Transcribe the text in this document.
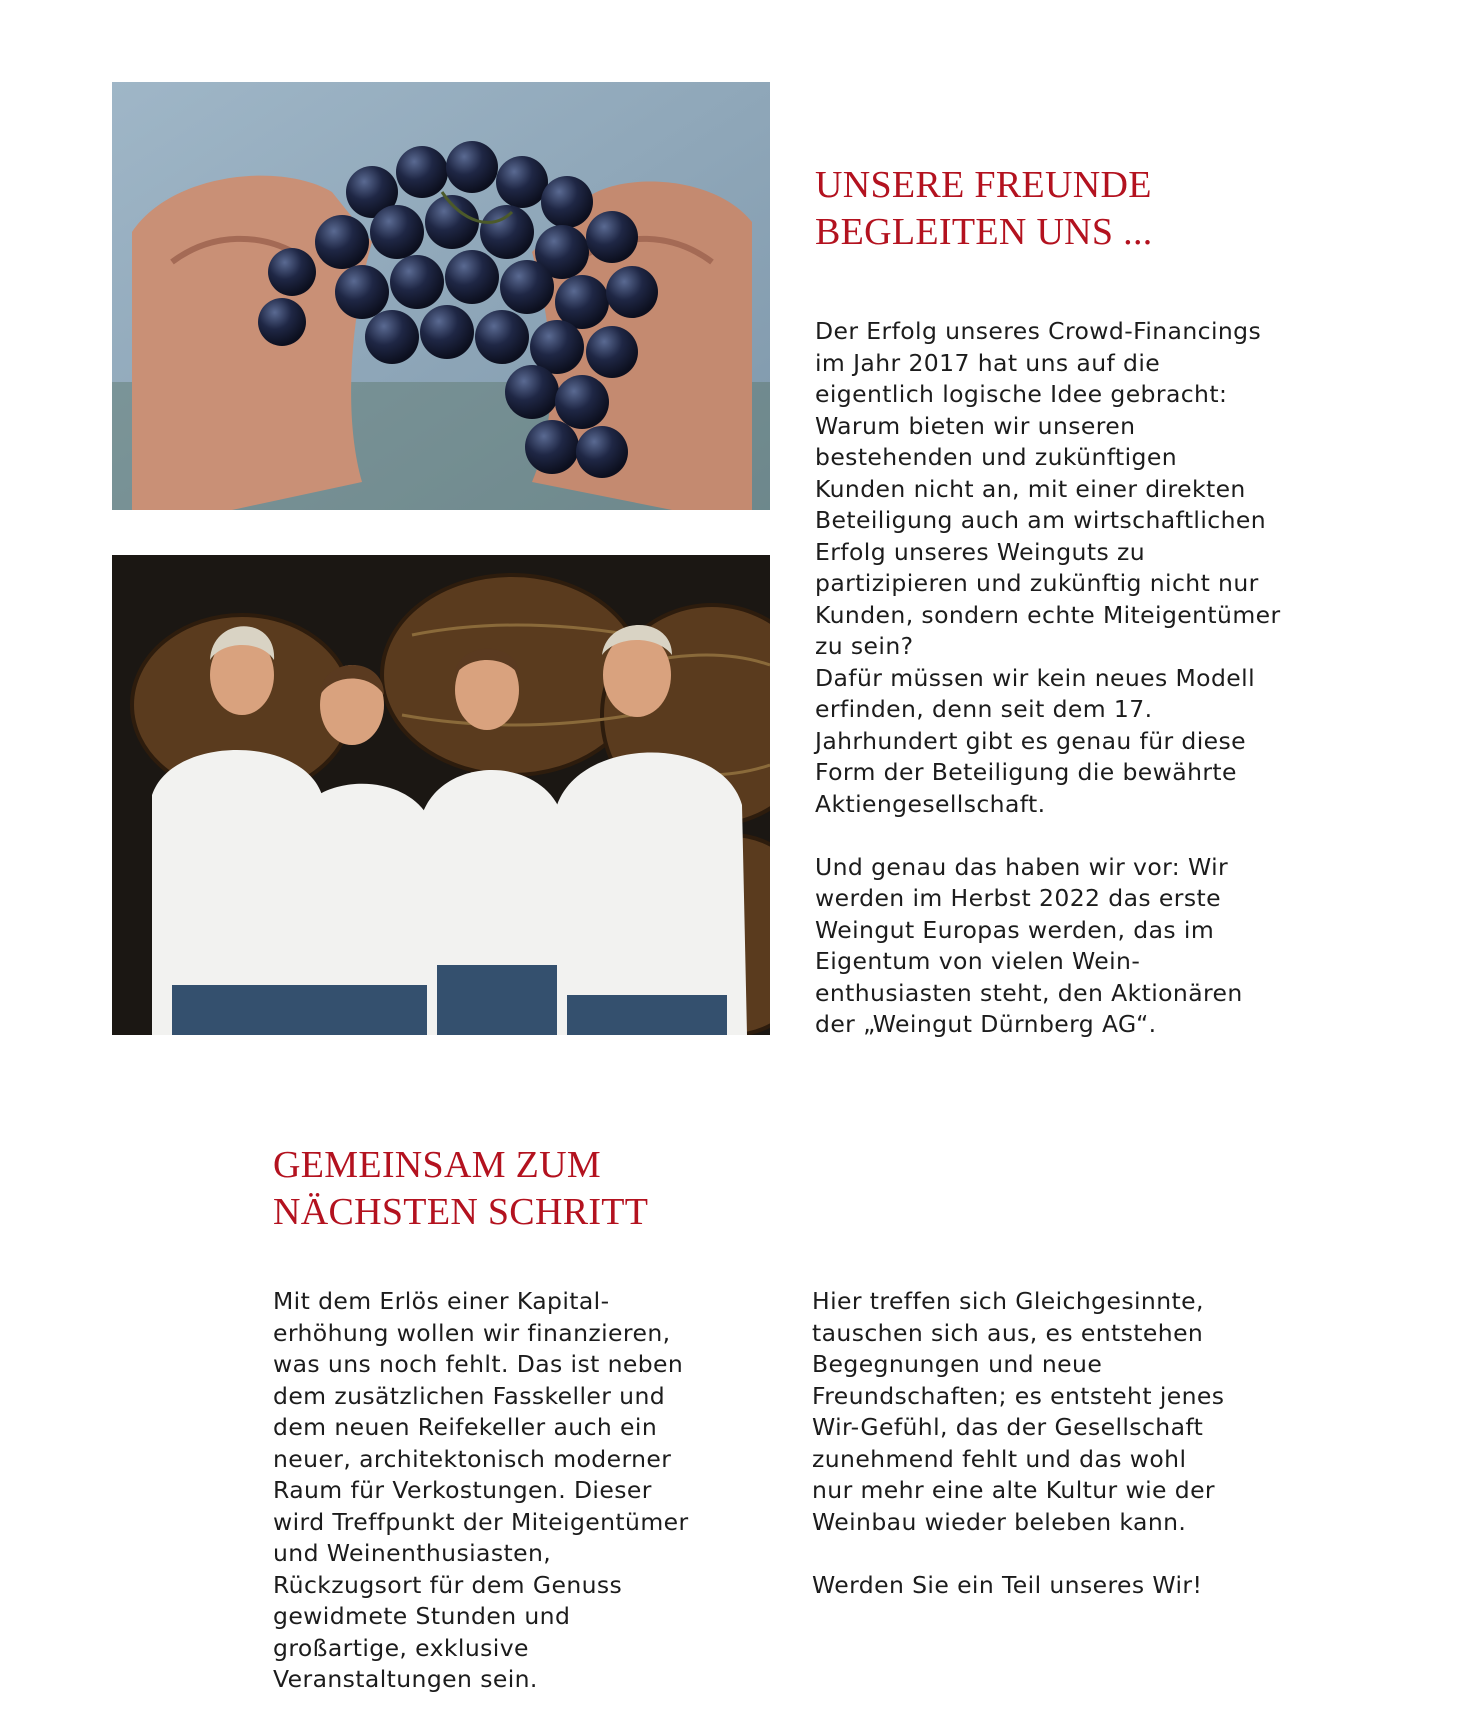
UNSERE FREUNDE
BEGLEITEN UNS ...
Der Erfolg unseres Crowd-Financings
im Jahr 2017 hat uns auf die
eigentlich logische Idee gebracht:
Warum bieten wir unseren
bestehenden und zukünftigen
Kunden nicht an, mit einer direkten
Beteiligung auch am wirtschaftlichen
Erfolg unseres Weinguts zu
partizipieren und zukünftig nicht nur
Kunden, sondern echte Miteigentümer
zu sein?
Dafür müssen wir kein neues Modell
erfinden, denn seit dem 17.
Jahrhundert gibt es genau für diese
Form der Beteiligung die bewährte
Aktiengesellschaft.
Und genau das haben wir vor: Wir
werden im Herbst 2022 das erste
Weingut Europas werden, das im
Eigentum von vielen Wein-
enthusiasten steht, den Aktionären
der „Weingut Dürnberg AG“.
GEMEINSAM ZUM
NÄCHSTEN SCHRITT
Mit dem Erlös einer Kapital-
erhöhung wollen wir finanzieren,
was uns noch fehlt. Das ist neben
dem zusätzlichen Fasskeller und
dem neuen Reifekeller auch ein
neuer, architektonisch moderner
Raum für Verkostungen. Dieser
wird Treffpunkt der Miteigentümer
und Weinenthusiasten,
Rückzugsort für dem Genuss
gewidmete Stunden und
großartige, exklusive
Veranstaltungen sein.
Hier treffen sich Gleichgesinnte,
tauschen sich aus, es entstehen
Begegnungen und neue
Freundschaften; es entsteht jenes
Wir-Gefühl, das der Gesellschaft
zunehmend fehlt und das wohl
nur mehr eine alte Kultur wie der
Weinbau wieder beleben kann.
Werden Sie ein Teil unseres Wir!
